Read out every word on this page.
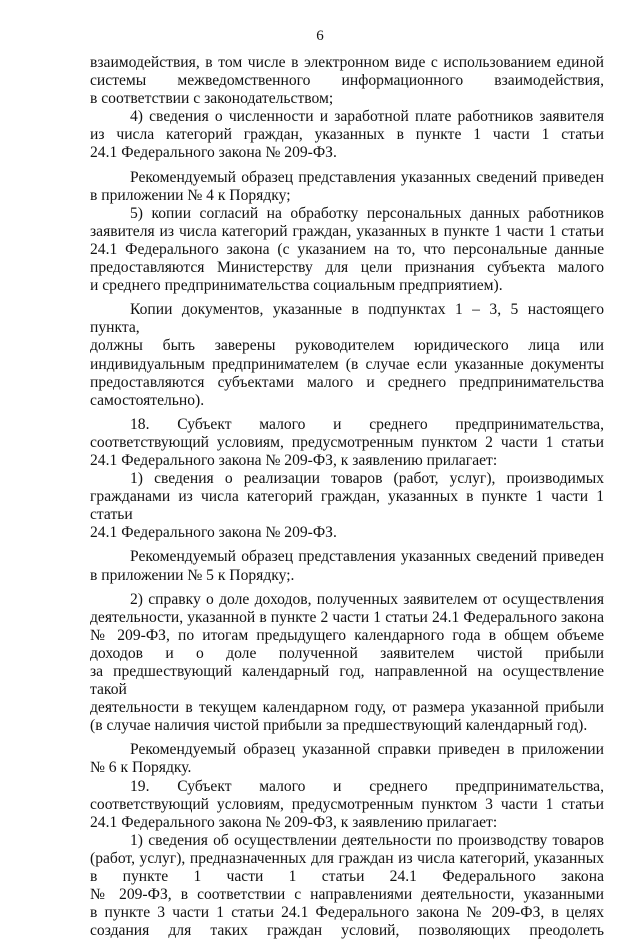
6

взаимодействия, в том числе в электронном виде с использованием единой

системы межведомственного информационного взаимодействия,

в соответствии с законодательством;

4) сведения о численности и заработной плате работников заявителя

из числа категорий граждан, указанных в пункте 1 части 1 статьи

24.1 Федерального закона № 209-ФЗ.

Рекомендуемый образец представления указанных сведений приведен

в приложении № 4 к Порядку;

5) копии согласий на обработку персональных данных работников

заявителя из числа категорий граждан, указанных в пункте 1 части 1 статьи

24.1 Федерального закона (с указанием на то, что персональные данные

предоставляются Министерству для цели признания субъекта малого

и среднего предпринимательства социальным предприятием).

Копии документов, указанные в подпунктах 1 – 3, 5 настоящего пункта,

должны быть заверены руководителем юридического лица или

индивидуальным предпринимателем (в случае если указанные документы

предоставляются субъектами малого и среднего предпринимательства

самостоятельно).

18. Субъект малого и среднего предпринимательства,

соответствующий условиям, предусмотренным пунктом 2 части 1 статьи

24.1 Федерального закона № 209-ФЗ, к заявлению прилагает:

1) сведения о реализации товаров (работ, услуг), производимых

гражданами из числа категорий граждан, указанных в пункте 1 части 1 статьи

24.1 Федерального закона № 209-ФЗ.

Рекомендуемый образец представления указанных сведений приведен

в приложении № 5 к Порядку;.

2) справку о доле доходов, полученных заявителем от осуществления

деятельности, указанной в пункте 2 части 1 статьи 24.1 Федерального закона

№ 209-ФЗ, по итогам предыдущего календарного года в общем объеме

доходов и о доле полученной заявителем чистой прибыли

за предшествующий календарный год, направленной на осуществление такой

деятельности в текущем календарном году, от размера указанной прибыли

(в случае наличия чистой прибыли за предшествующий календарный год).

Рекомендуемый образец указанной справки приведен в приложении

№ 6 к Порядку.

19. Субъект малого и среднего предпринимательства,

соответствующий условиям, предусмотренным пунктом 3 части 1 статьи

24.1 Федерального закона № 209-ФЗ, к заявлению прилагает:

1) сведения об осуществлении деятельности по производству товаров

(работ, услуг), предназначенных для граждан из числа категорий, указанных

в пункте 1 части 1 статьи 24.1 Федерального закона

№ 209-ФЗ, в соответствии с направлениями деятельности, указанными

в пункте 3 части 1 статьи 24.1 Федерального закона № 209-ФЗ, в целях

создания для таких граждан условий, позволяющих преодолеть
